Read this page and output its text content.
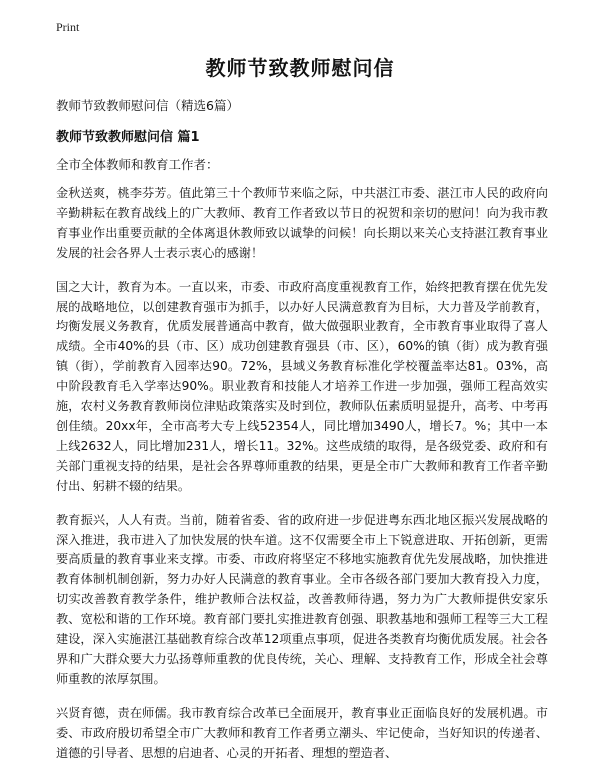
Print
教师节致教师慰问信

教师节致教师慰问信（精选6篇）

教师节致教师慰问信 篇1

全市全体教师和教育工作者：

金秋送爽，桃李芬芳。值此第三十个教师节来临之际，中共湛江市委、湛江市人民的政府向辛勤耕耘在教育战线上的广大教师、教育工作者致以节日的祝贺和亲切的慰问！向为我市教育事业作出重要贡献的全体离退休教师致以诚挚的问候！向长期以来关心支持湛江教育事业发展的社会各界人士表示衷心的感谢！

国之大计，教育为本。一直以来，市委、市政府高度重视教育工作，始终把教育摆在优先发展的战略地位，以创建教育强市为抓手，以办好人民满意教育为目标，大力普及学前教育，均衡发展义务教育，优质发展普通高中教育，做大做强职业教育，全市教育事业取得了喜人成绩。全市40%的县（市、区）成功创建教育强县（市、区），60%的镇（街）成为教育强镇（街），学前教育入园率达90。72%，县域义务教育标准化学校覆盖率达81。03%，高中阶段教育毛入学率达90%。职业教育和技能人才培养工作进一步加强，强师工程高效实施，农村义务教育教师岗位津贴政策落实及时到位，教师队伍素质明显提升，高考、中考再创佳绩。20xx年，全市高考大专上线52354人，同比增加3490人，增长7。%；其中一本上线2632人，同比增加231人，增长11。32%。这些成绩的取得，是各级党委、政府和有关部门重视支持的结果，是社会各界尊师重教的结果，更是全市广大教师和教育工作者辛勤付出、躬耕不辍的结果。

教育振兴，人人有责。当前，随着省委、省的政府进一步促进粤东西北地区振兴发展战略的深入推进，我市进入了加快发展的快车道。这不仅需要全市上下锐意进取、开拓创新，更需要高质量的教育事业来支撑。市委、市政府将坚定不移地实施教育优先发展战略，加快推进教育体制机制创新，努力办好人民满意的教育事业。全市各级各部门要加大教育投入力度，切实改善教育教学条件，维护教师合法权益，改善教师待遇，努力为广大教师提供安家乐教、宽松和谐的工作环境。教育部门要扎实推进教育创强、职教基地和强师工程等三大工程建设，深入实施湛江基础教育综合改革12项重点事项，促进各类教育均衡优质发展。社会各界和广大群众要大力弘扬尊师重教的优良传统，关心、理解、支持教育工作，形成全社会尊师重教的浓厚氛围。

兴贤育德，责在师儒。我市教育综合改革已全面展开，教育事业正面临良好的发展机遇。市委、市政府殷切希望全市广大教师和教育工作者勇立潮头、牢记使命，当好知识的传递者、道德的引导者、思想的启迪者、心灵的开拓者、理想的塑造者、
